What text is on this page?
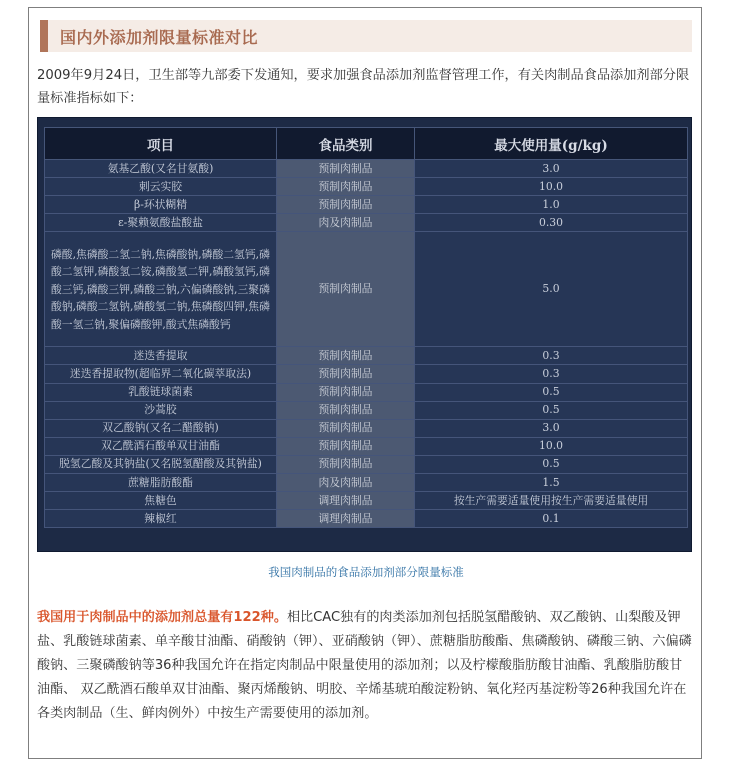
国内外添加剂限量标准对比

2009年9月24日，卫生部等九部委下发通知，要求加强食品添加剂监督管理工作，有关肉制品食品添加剂部分限量标准指标如下：

项目	食品类别	最大使用量(g/kg)
氨基乙酸(又名甘氨酸)	预制肉制品	3.0
刺云实胶	预制肉制品	10.0
β-环状糊精	预制肉制品	1.0
ε-聚赖氨酸盐酸盐	肉及肉制品	0.30
磷酸,焦磷酸二氢二钠,焦磷酸钠,磷酸二氢钙,磷酸二氢钾,磷酸氢二铵,磷酸氢二钾,磷酸氢钙,磷酸三钙,磷酸三钾,磷酸三钠,六偏磷酸钠,三聚磷酸钠,磷酸二氢钠,磷酸氢二钠,焦磷酸四钾,焦磷酸一氢三钠,聚偏磷酸钾,酸式焦磷酸钙	预制肉制品	5.0
迷迭香提取	预制肉制品	0.3
迷迭香提取物(超临界二氧化碳萃取法)	预制肉制品	0.3
乳酸链球菌素	预制肉制品	0.5
沙蒿胶	预制肉制品	0.5
双乙酸钠(又名二醋酸钠)	预制肉制品	3.0
双乙酰酒石酸单双甘油酯	预制肉制品	10.0
脱氢乙酸及其钠盐(又名脱氢醋酸及其钠盐)	预制肉制品	0.5
蔗糖脂肪酸酯	肉及肉制品	1.5
焦糖色	调理肉制品	按生产需要适量使用按生产需要适量使用
辣椒红	调理肉制品	0.1

我国肉制品的食品添加剂部分限量标准

我国用于肉制品中的添加剂总量有122种。相比CAC独有的肉类添加剂包括脱氢醋酸钠、双乙酸钠、山梨酸及钾盐、乳酸链球菌素、单辛酸甘油酯、硝酸钠（钾）、亚硝酸钠（钾）、蔗糖脂肪酸酯、焦磷酸钠、磷酸三钠、六偏磷酸钠、三聚磷酸钠等36种我国允许在指定肉制品中限量使用的添加剂；以及柠檬酸脂肪酸甘油酯、乳酸脂肪酸甘油酯、 双乙酰酒石酸单双甘油酯、聚丙烯酸钠、明胶、辛烯基琥珀酸淀粉钠、氧化羟丙基淀粉等26种我国允许在各类肉制品（生、鲜肉例外）中按生产需要使用的添加剂。
